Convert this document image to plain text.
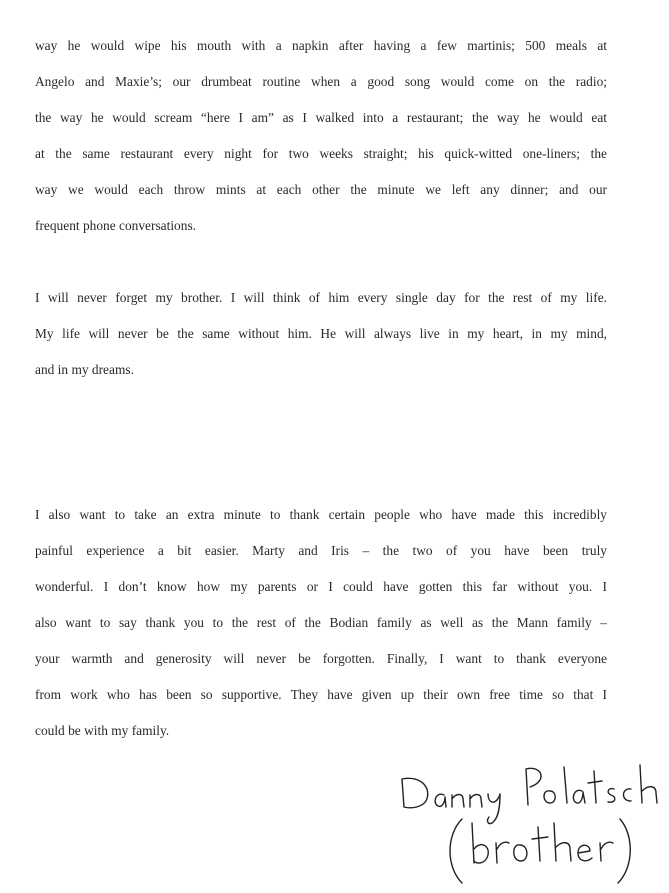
way he would wipe his mouth with a napkin after having a few martinis; 500 meals at
Angelo and Maxie’s; our drumbeat routine when a good song would come on the radio;
the way he would scream “here I am” as I walked into a restaurant; the way he would eat
at the same restaurant every night for two weeks straight; his quick-witted one-liners; the
way we would each throw mints at each other the minute we left any dinner; and our
frequent phone conversations.
I will never forget my brother. I will think of him every single day for the rest of my life.
My life will never be the same without him. He will always live in my heart, in my mind,
and in my dreams.
I also want to take an extra minute to thank certain people who have made this incredibly
painful experience a bit easier. Marty and Iris – the two of you have been truly
wonderful. I don’t know how my parents or I could have gotten this far without you. I
also want to say thank you to the rest of the Bodian family as well as the Mann family –
your warmth and generosity will never be forgotten. Finally, I want to thank everyone
from work who has been so supportive. They have given up their own free time so that I
could be with my family.
